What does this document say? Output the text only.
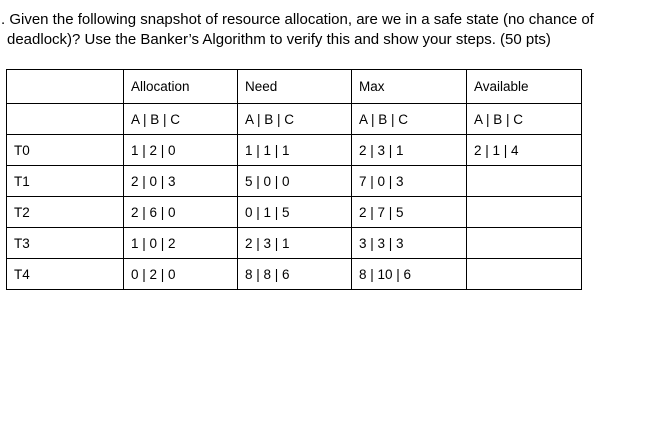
. Given the following snapshot of resource allocation, are we in a safe state (no chance of
deadlock)? Use the Banker’s Algorithm to verify this and show your steps. (50 pts)

	Allocation	Need	Max	Available
	A | B | C	A | B | C	A | B | C	A | B | C
T0	1 | 2 | 0	1 | 1 | 1	2 | 3 | 1	2 | 1 | 4
T1	2 | 0 | 3	5 | 0 | 0	7 | 0 | 3	
T2	2 | 6 | 0	0 | 1 | 5	2 | 7 | 5	
T3	1 | 0 | 2	2 | 3 | 1	3 | 3 | 3	
T4	0 | 2 | 0	8 | 8 | 6	8 | 10 | 6	
